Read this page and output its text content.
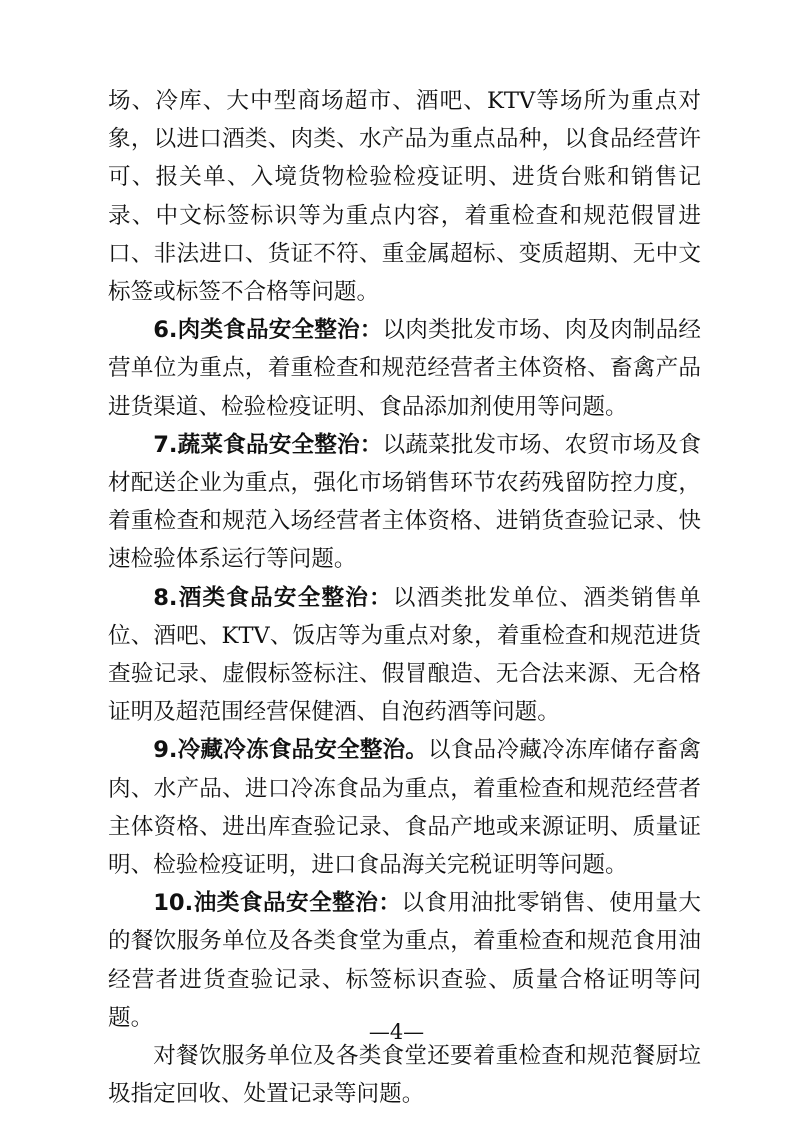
场、冷库、大中型商场超市、酒吧、KTV等场所为重点对象，以进口酒类、肉类、水产品为重点品种，以食品经营许可、报关单、入境货物检验检疫证明、进货台账和销售记录、中文标签标识等为重点内容，着重检查和规范假冒进口、非法进口、货证不符、重金属超标、变质超期、无中文标签或标签不合格等问题。

6.肉类食品安全整治：以肉类批发市场、肉及肉制品经营单位为重点，着重检查和规范经营者主体资格、畜禽产品进货渠道、检验检疫证明、食品添加剂使用等问题。

7.蔬菜食品安全整治：以蔬菜批发市场、农贸市场及食材配送企业为重点，强化市场销售环节农药残留防控力度，着重检查和规范入场经营者主体资格、进销货查验记录、快速检验体系运行等问题。

8.酒类食品安全整治：以酒类批发单位、酒类销售单位、酒吧、KTV、饭店等为重点对象，着重检查和规范进货查验记录、虚假标签标注、假冒酿造、无合法来源、无合格证明及超范围经营保健酒、自泡药酒等问题。

9.冷藏冷冻食品安全整治。以食品冷藏冷冻库储存畜禽肉、水产品、进口冷冻食品为重点，着重检查和规范经营者主体资格、进出库查验记录、食品产地或来源证明、质量证明、检验检疫证明，进口食品海关完税证明等问题。

10.油类食品安全整治：以食用油批零销售、使用量大的餐饮服务单位及各类食堂为重点，着重检查和规范食用油经营者进货查验记录、标签标识查验、质量合格证明等问题。

对餐饮服务单位及各类食堂还要着重检查和规范餐厨垃圾指定回收、处置记录等问题。

—4—
